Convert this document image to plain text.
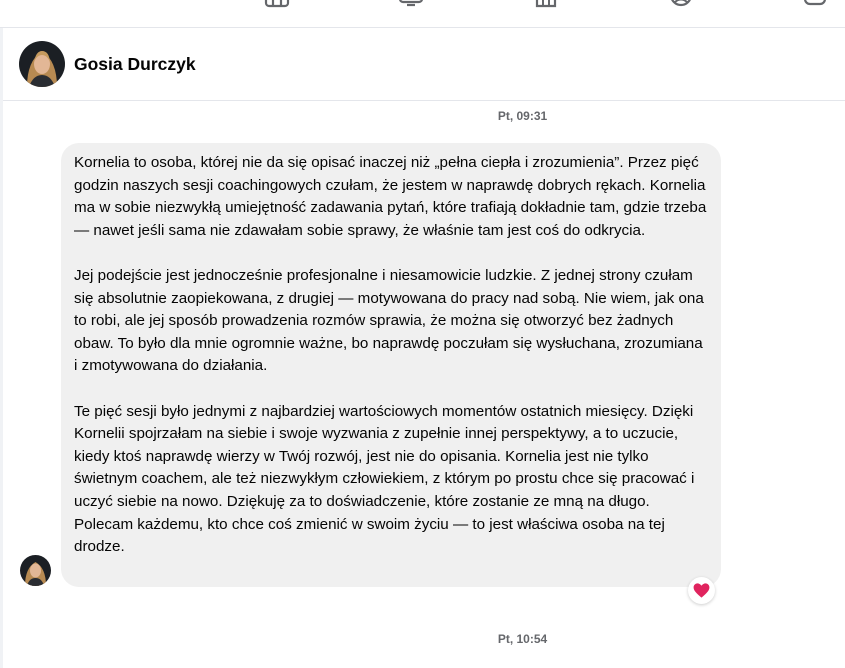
Gosia Durczyk
Pt, 09:31

Kornelia to osoba, której nie da się opisać inaczej niż „pełna ciepła i zrozumienia”. Przez pięć godzin naszych sesji coachingowych czułam, że jestem w naprawdę dobrych rękach. Kornelia ma w sobie niezwykłą umiejętność zadawania pytań, które trafiają dokładnie tam, gdzie trzeba — nawet jeśli sama nie zdawałam sobie sprawy, że właśnie tam jest coś do odkrycia.

Jej podejście jest jednocześnie profesjonalne i niesamowicie ludzkie. Z jednej strony czułam się absolutnie zaopiekowana, z drugiej — motywowana do pracy nad sobą. Nie wiem, jak ona to robi, ale jej sposób prowadzenia rozmów sprawia, że można się otworzyć bez żadnych obaw. To było dla mnie ogromnie ważne, bo naprawdę poczułam się wysłuchana, zrozumiana i zmotywowana do działania.

Te pięć sesji było jednymi z najbardziej wartościowych momentów ostatnich miesięcy. Dzięki Kornelii spojrzałam na siebie i swoje wyzwania z zupełnie innej perspektywy, a to uczucie, kiedy ktoś naprawdę wierzy w Twój rozwój, jest nie do opisania. Kornelia jest nie tylko świetnym coachem, ale też niezwykłym człowiekiem, z którym po prostu chce się pracować i uczyć siebie na nowo. Dziękuję za to doświadczenie, które zostanie ze mną na długo. Polecam każdemu, kto chce coś zmienić w swoim życiu — to jest właściwa osoba na tej drodze.

Pt, 10:54
